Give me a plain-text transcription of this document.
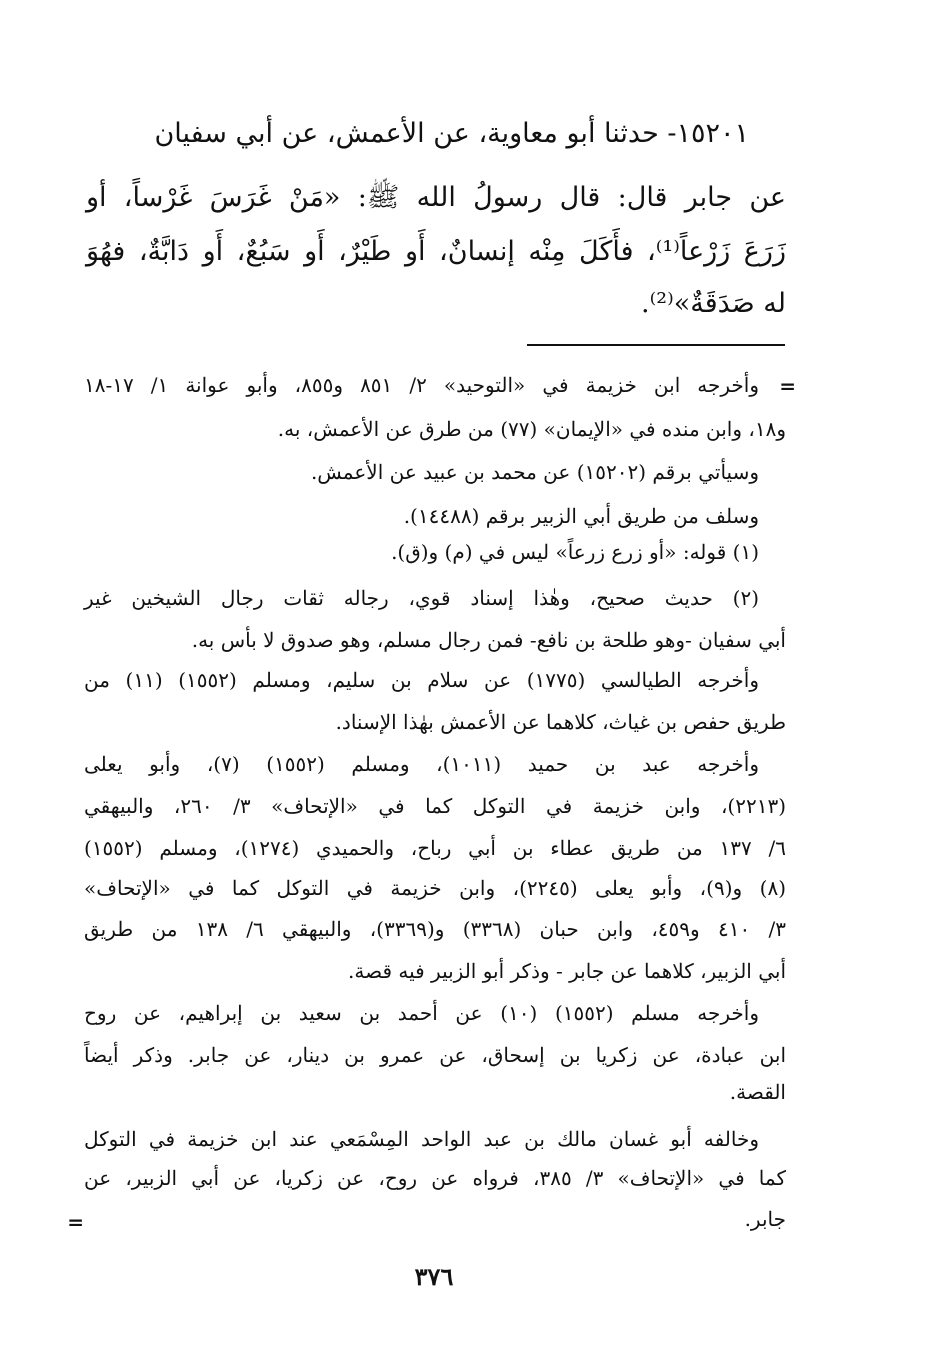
١٥٢٠١- حدثنا أبو معاوية، عن الأعمش، عن أبي سفيان
عن جابر قال: قال رسولُ الله ﷺ: «مَنْ غَرَسَ غَرْساً، أو
زَرَعَ زَرْعاً⁽¹⁾، فأَكَلَ مِنْه إنسانٌ، أَو طَيْرٌ، أَو سَبُعٌ، أَو دَابَّةٌ، فهُوَ
له صَدَقَةٌ»⁽²⁾.
=
=
وأخرجه ابن خزيمة في «التوحيد» ٢/ ٨٥١ و٨٥٥، وأبو عوانة ١/ ١٧-١٨
و١٨، وابن منده في «الإيمان» (٧٧) من طرق عن الأعمش، به.
وسيأتي برقم (١٥٢٠٢) عن محمد بن عبيد عن الأعمش.
وسلف من طريق أبي الزبير برقم (١٤٤٨٨).
(١) قوله: «أو زرع زرعاً» ليس في (م) و(ق).
(٢) حديث صحيح، وهٰذا إسناد قوي، رجاله ثقات رجال الشيخين غير
أبي سفيان -وهو طلحة بن نافع- فمن رجال مسلم، وهو صدوق لا بأس به.
وأخرجه الطيالسي (١٧٧٥) عن سلام بن سليم، ومسلم (١٥٥٢) (١١) من
طريق حفص بن غياث، كلاهما عن الأعمش بهٰذا الإسناد.
وأخرجه عبد بن حميد (١٠١١)، ومسلم (١٥٥٢) (٧)، وأبو يعلى
(٢٢١٣)، وابن خزيمة في التوكل كما في «الإتحاف» ٣/ ٢٦٠، والبيهقي
٦/ ١٣٧ من طريق عطاء بن أبي رباح، والحميدي (١٢٧٤)، ومسلم (١٥٥٢)
(٨) و(٩)، وأبو يعلى (٢٢٤٥)، وابن خزيمة في التوكل كما في «الإتحاف»
٣/ ٤١٠ و٤٥٩، وابن حبان (٣٣٦٨) و(٣٣٦٩)، والبيهقي ٦/ ١٣٨ من طريق
أبي الزبير، كلاهما عن جابر - وذكر أبو الزبير فيه قصة.
وأخرجه مسلم (١٥٥٢) (١٠) عن أحمد بن سعيد بن إبراهيم، عن روح
ابن عبادة، عن زكريا بن إسحاق، عن عمرو بن دينار، عن جابر. وذكر أيضاً
القصة.
وخالفه أبو غسان مالك بن عبد الواحد المِسْمَعي عند ابن خزيمة في التوكل
كما في «الإتحاف» ٣/ ٣٨٥، فرواه عن روح، عن زكريا، عن أبي الزبير، عن
جابر.
٣٧٦
